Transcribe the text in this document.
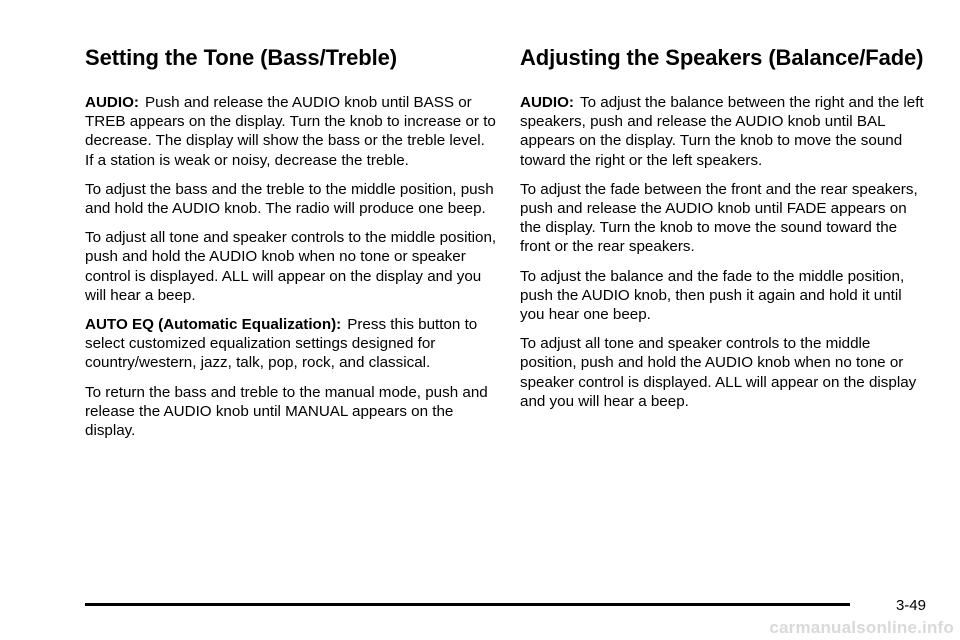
Setting the Tone (Bass/Treble)

AUDIO: Push and release the AUDIO knob until BASS or TREB appears on the display. Turn the knob to increase or to decrease. The display will show the bass or the treble level. If a station is weak or noisy, decrease the treble.

To adjust the bass and the treble to the middle position, push and hold the AUDIO knob. The radio will produce one beep.

To adjust all tone and speaker controls to the middle position, push and hold the AUDIO knob when no tone or speaker control is displayed. ALL will appear on the display and you will hear a beep.

AUTO EQ (Automatic Equalization): Press this button to select customized equalization settings designed for country/western, jazz, talk, pop, rock, and classical.

To return the bass and treble to the manual mode, push and release the AUDIO knob until MANUAL appears on the display.

Adjusting the Speakers (Balance/Fade)

AUDIO: To adjust the balance between the right and the left speakers, push and release the AUDIO knob until BAL appears on the display. Turn the knob to move the sound toward the right or the left speakers.

To adjust the fade between the front and the rear speakers, push and release the AUDIO knob until FADE appears on the display. Turn the knob to move the sound toward the front or the rear speakers.

To adjust the balance and the fade to the middle position, push the AUDIO knob, then push it again and hold it until you hear one beep.

To adjust all tone and speaker controls to the middle position, push and hold the AUDIO knob when no tone or speaker control is displayed. ALL will appear on the display and you will hear a beep.

3-49
carmanualsonline.info
